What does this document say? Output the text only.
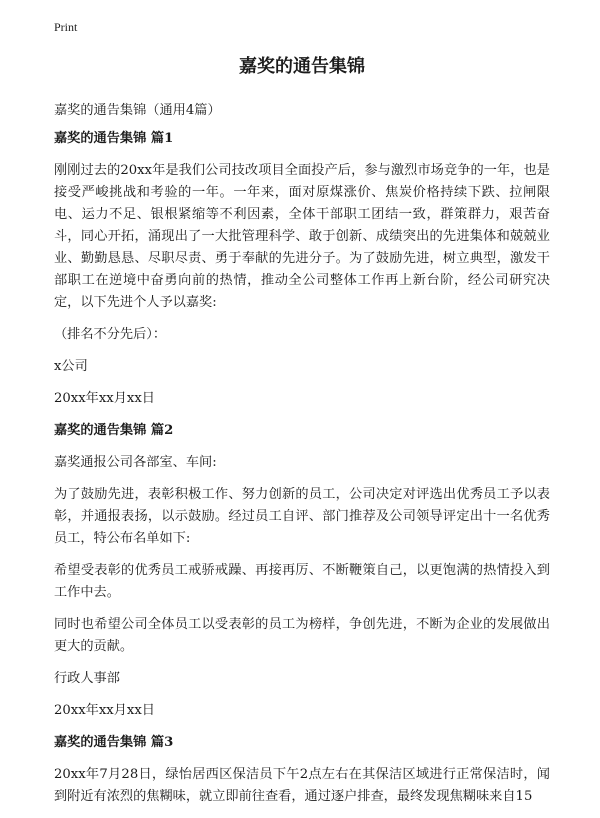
Print
嘉奖的通告集锦
嘉奖的通告集锦（通用4篇）
嘉奖的通告集锦 篇1
刚刚过去的20xx年是我们公司技改项目全面投产后，参与激烈市场竞争的一年，也是接受严峻挑战和考验的一年。一年来，面对原煤涨价、焦炭价格持续下跌、拉闸限电、运力不足、银根紧缩等不利因素，全体干部职工团结一致，群策群力，艰苦奋斗，同心开拓，涌现出了一大批管理科学、敢于创新、成绩突出的先进集体和兢兢业业、勤勤恳恳、尽职尽责、勇于奉献的先进分子。为了鼓励先进，树立典型，激发干部职工在逆境中奋勇向前的热情，推动全公司整体工作再上新台阶，经公司研究决定，以下先进个人予以嘉奖:
（排名不分先后）：
x公司
20xx年xx月xx日
嘉奖的通告集锦 篇2
嘉奖通报公司各部室、车间:
为了鼓励先进，表彰积极工作、努力创新的员工，公司决定对评选出优秀员工予以表彰，并通报表扬，以示鼓励。经过员工自评、部门推荐及公司领导评定出十一名优秀员工，特公布名单如下:
希望受表彰的优秀员工戒骄戒躁、再接再厉、不断鞭策自己，以更饱满的热情投入到工作中去。
同时也希望公司全体员工以受表彰的员工为榜样，争创先进，不断为企业的发展做出更大的贡献。
行政人事部
20xx年xx月xx日
嘉奖的通告集锦 篇3
20xx年7月28日，绿怡居西区保洁员下午2点左右在其保洁区域进行正常保洁时，闻到附近有浓烈的焦糊味，就立即前往查看，通过逐户排查，最终发现焦糊味来自15
